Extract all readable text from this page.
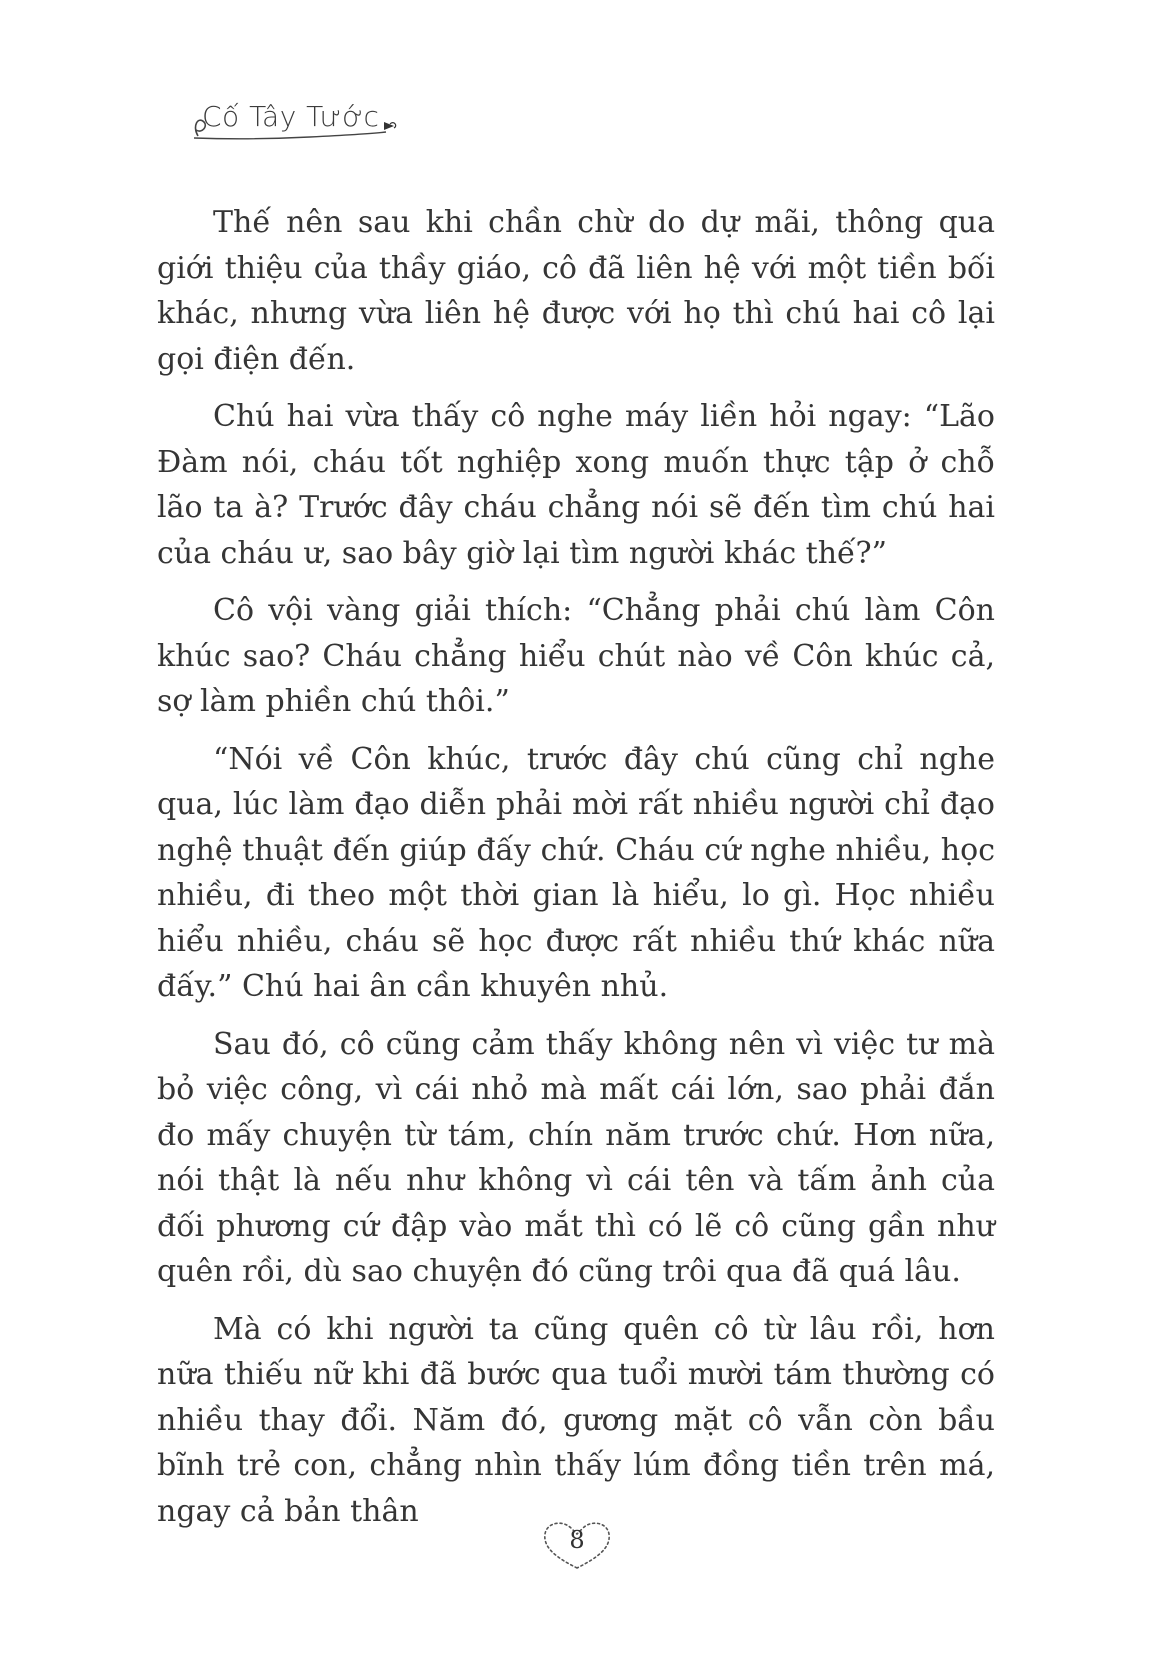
Cố Tây Tước

Thế nên sau khi chần chừ do dự mãi, thông qua giới thiệu của thầy giáo, cô đã liên hệ với một tiền bối khác, nhưng vừa liên hệ được với họ thì chú hai cô lại gọi điện đến.

Chú hai vừa thấy cô nghe máy liền hỏi ngay: “Lão Đàm nói, cháu tốt nghiệp xong muốn thực tập ở chỗ lão ta à? Trước đây cháu chẳng nói sẽ đến tìm chú hai của cháu ư, sao bây giờ lại tìm người khác thế?”

Cô vội vàng giải thích: “Chẳng phải chú làm Côn khúc sao? Cháu chẳng hiểu chút nào về Côn khúc cả, sợ làm phiền chú thôi.”

“Nói về Côn khúc, trước đây chú cũng chỉ nghe qua, lúc làm đạo diễn phải mời rất nhiều người chỉ đạo nghệ thuật đến giúp đấy chứ. Cháu cứ nghe nhiều, học nhiều, đi theo một thời gian là hiểu, lo gì. Học nhiều hiểu nhiều, cháu sẽ học được rất nhiều thứ khác nữa đấy.” Chú hai ân cần khuyên nhủ.

Sau đó, cô cũng cảm thấy không nên vì việc tư mà bỏ việc công, vì cái nhỏ mà mất cái lớn, sao phải đắn đo mấy chuyện từ tám, chín năm trước chứ. Hơn nữa, nói thật là nếu như không vì cái tên và tấm ảnh của đối phương cứ đập vào mắt thì có lẽ cô cũng gần như quên rồi, dù sao chuyện đó cũng trôi qua đã quá lâu.

Mà có khi người ta cũng quên cô từ lâu rồi, hơn nữa thiếu nữ khi đã bước qua tuổi mười tám thường có nhiều thay đổi. Năm đó, gương mặt cô vẫn còn bầu bĩnh trẻ con, chẳng nhìn thấy lúm đồng tiền trên má, ngay cả bản thân

8
